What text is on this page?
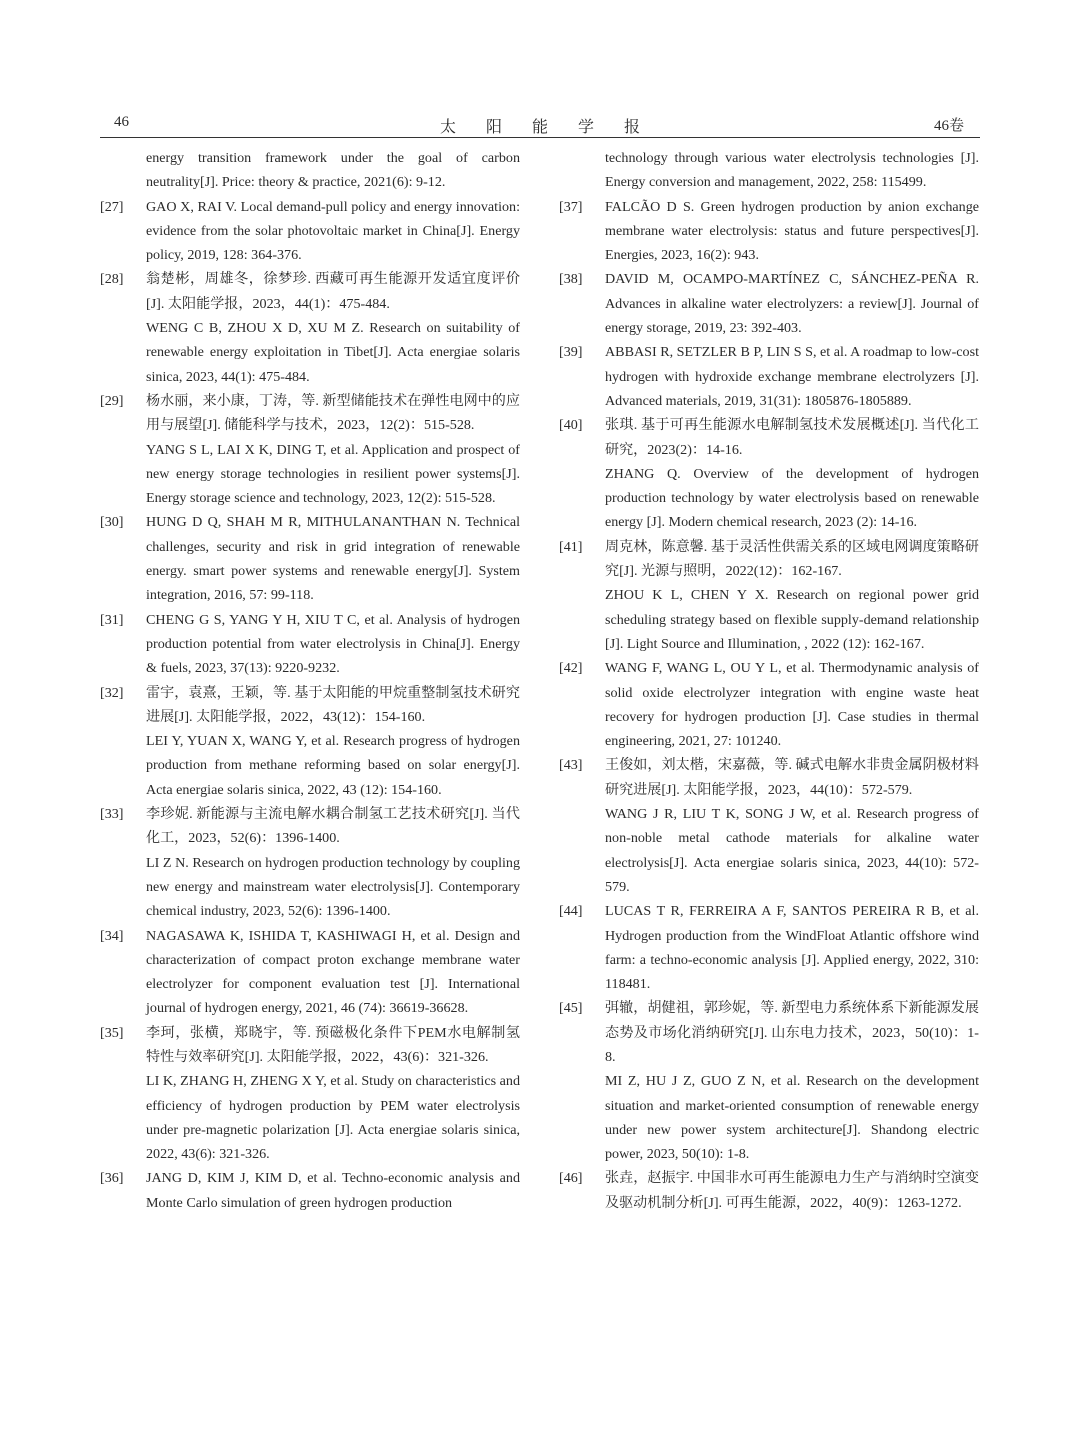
46	太阳能学报	46卷
energy transition framework under the goal of carbon neutrality[J]. Price: theory & practice, 2021(6): 9-12.
[27] GAO X, RAI V. Local demand-pull policy and energy innovation: evidence from the solar photovoltaic market in China[J]. Energy policy, 2019, 128: 364-376.
[28] 翁楚彬，周雄冬，徐梦珍. 西藏可再生能源开发适宜度评价[J]. 太阳能学报，2023，44(1)：475-484.
WENG C B, ZHOU X D, XU M Z. Research on suitability of renewable energy exploitation in Tibet[J]. Acta energiae solaris sinica, 2023, 44(1): 475-484.
[29] 杨水丽，来小康，丁涛，等. 新型储能技术在弹性电网中的应用与展望[J]. 储能科学与技术，2023，12(2)：515-528.
YANG S L, LAI X K, DING T, et al. Application and prospect of new energy storage technologies in resilient power systems[J]. Energy storage science and technology, 2023, 12(2): 515-528.
[30] HUNG D Q, SHAH M R, MITHULANANTHAN N. Technical challenges, security and risk in grid integration of renewable energy. smart power systems and renewable energy[J]. System integration, 2016, 57: 99-118.
[31] CHENG G S, YANG Y H, XIU T C, et al. Analysis of hydrogen production potential from water electrolysis in China[J]. Energy & fuels, 2023, 37(13): 9220-9232.
[32] 雷宇，袁熹，王颖，等. 基于太阳能的甲烷重整制氢技术研究进展[J]. 太阳能学报，2022，43(12)：154-160.
LEI Y, YUAN X, WANG Y, et al. Research progress of hydrogen production from methane reforming based on solar energy[J]. Acta energiae solaris sinica, 2022, 43 (12): 154-160.
[33] 李珍妮. 新能源与主流电解水耦合制氢工艺技术研究[J]. 当代化工，2023，52(6)：1396-1400.
LI Z N. Research on hydrogen production technology by coupling new energy and mainstream water electrolysis[J]. Contemporary chemical industry, 2023, 52(6): 1396-1400.
[34] NAGASAWA K, ISHIDA T, KASHIWAGI H, et al. Design and characterization of compact proton exchange membrane water electrolyzer for component evaluation test [J]. International journal of hydrogen energy, 2021, 46 (74): 36619-36628.
[35] 李珂，张横，郑晓宇，等. 预磁极化条件下PEM水电解制氢特性与效率研究[J]. 太阳能学报，2022，43(6)：321-326.
LI K, ZHANG H, ZHENG X Y, et al. Study on characteristics and efficiency of hydrogen production by PEM water electrolysis under pre-magnetic polarization [J]. Acta energiae solaris sinica, 2022, 43(6): 321-326.
[36] JANG D, KIM J, KIM D, et al. Techno-economic analysis and Monte Carlo simulation of green hydrogen production
technology through various water electrolysis technologies [J]. Energy conversion and management, 2022, 258: 115499.
[37] FALCÃO D S. Green hydrogen production by anion exchange membrane water electrolysis: status and future perspectives[J]. Energies, 2023, 16(2): 943.
[38] DAVID M, OCAMPO-MARTÍNEZ C, SÁNCHEZ-PEÑA R. Advances in alkaline water electrolyzers: a review[J]. Journal of energy storage, 2019, 23: 392-403.
[39] ABBASI R, SETZLER B P, LIN S S, et al. A roadmap to low-cost hydrogen with hydroxide exchange membrane electrolyzers [J]. Advanced materials, 2019, 31(31): 1805876-1805889.
[40] 张琪. 基于可再生能源水电解制氢技术发展概述[J]. 当代化工研究，2023(2)：14-16.
ZHANG Q. Overview of the development of hydrogen production technology by water electrolysis based on renewable energy [J]. Modern chemical research, 2023 (2): 14-16.
[41] 周克林，陈意馨. 基于灵活性供需关系的区域电网调度策略研究[J]. 光源与照明，2022(12)：162-167.
ZHOU K L, CHEN Y X. Research on regional power grid scheduling strategy based on flexible supply-demand relationship [J]. Light Source and Illumination, , 2022 (12): 162-167.
[42] WANG F, WANG L, OU Y L, et al. Thermodynamic analysis of solid oxide electrolyzer integration with engine waste heat recovery for hydrogen production [J]. Case studies in thermal engineering, 2021, 27: 101240.
[43] 王俊如，刘太楷，宋嘉薇，等. 碱式电解水非贵金属阴极材料研究进展[J]. 太阳能学报，2023，44(10)：572-579.
WANG J R, LIU T K, SONG J W, et al. Research progress of non-noble metal cathode materials for alkaline water electrolysis[J]. Acta energiae solaris sinica, 2023, 44(10): 572-579.
[44] LUCAS T R, FERREIRA A F, SANTOS PEREIRA R B, et al. Hydrogen production from the WindFloat Atlantic offshore wind farm: a techno-economic analysis [J]. Applied energy, 2022, 310: 118481.
[45] 弭辙，胡健祖，郭珍妮，等. 新型电力系统体系下新能源发展态势及市场化消纳研究[J]. 山东电力技术，2023，50(10)：1-8.
MI Z, HU J Z, GUO Z N, et al. Research on the development situation and market-oriented consumption of renewable energy under new power system architecture[J]. Shandong electric power, 2023, 50(10): 1-8.
[46] 张垚，赵振宇. 中国非水可再生能源电力生产与消纳时空演变及驱动机制分析[J]. 可再生能源，2022，40(9)：1263-1272.
